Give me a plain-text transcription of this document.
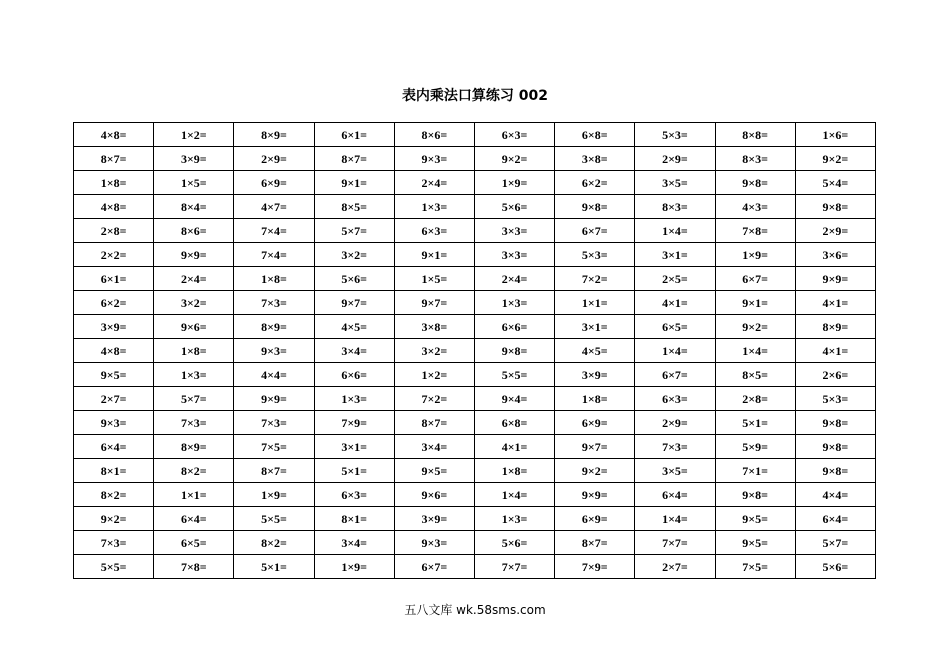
表内乘法口算练习 002
4×8=	1×2=	8×9=	6×1=	8×6=	6×3=	6×8=	5×3=	8×8=	1×6=
8×7=	3×9=	2×9=	8×7=	9×3=	9×2=	3×8=	2×9=	8×3=	9×2=
1×8=	1×5=	6×9=	9×1=	2×4=	1×9=	6×2=	3×5=	9×8=	5×4=
4×8=	8×4=	4×7=	8×5=	1×3=	5×6=	9×8=	8×3=	4×3=	9×8=
2×8=	8×6=	7×4=	5×7=	6×3=	3×3=	6×7=	1×4=	7×8=	2×9=
2×2=	9×9=	7×4=	3×2=	9×1=	3×3=	5×3=	3×1=	1×9=	3×6=
6×1=	2×4=	1×8=	5×6=	1×5=	2×4=	7×2=	2×5=	6×7=	9×9=
6×2=	3×2=	7×3=	9×7=	9×7=	1×3=	1×1=	4×1=	9×1=	4×1=
3×9=	9×6=	8×9=	4×5=	3×8=	6×6=	3×1=	6×5=	9×2=	8×9=
4×8=	1×8=	9×3=	3×4=	3×2=	9×8=	4×5=	1×4=	1×4=	4×1=
9×5=	1×3=	4×4=	6×6=	1×2=	5×5=	3×9=	6×7=	8×5=	2×6=
2×7=	5×7=	9×9=	1×3=	7×2=	9×4=	1×8=	6×3=	2×8=	5×3=
9×3=	7×3=	7×3=	7×9=	8×7=	6×8=	6×9=	2×9=	5×1=	9×8=
6×4=	8×9=	7×5=	3×1=	3×4=	4×1=	9×7=	7×3=	5×9=	9×8=
8×1=	8×2=	8×7=	5×1=	9×5=	1×8=	9×2=	3×5=	7×1=	9×8=
8×2=	1×1=	1×9=	6×3=	9×6=	1×4=	9×9=	6×4=	9×8=	4×4=
9×2=	6×4=	5×5=	8×1=	3×9=	1×3=	6×9=	1×4=	9×5=	6×4=
7×3=	6×5=	8×2=	3×4=	9×3=	5×6=	8×7=	7×7=	9×5=	5×7=
5×5=	7×8=	5×1=	1×9=	6×7=	7×7=	7×9=	2×7=	7×5=	5×6=
五八文库 wk.58sms.com
